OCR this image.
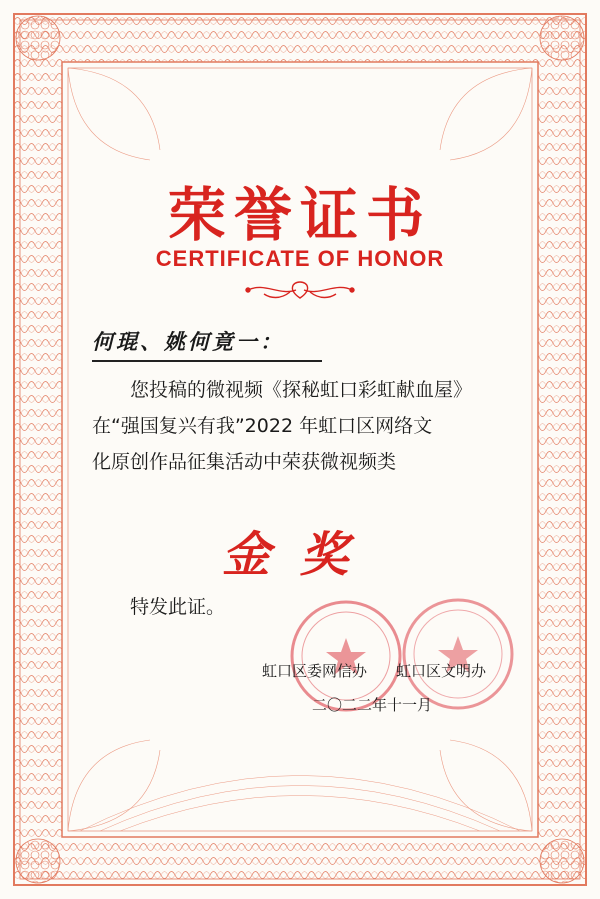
荣誉证书
CERTIFICATE OF HONOR
何琨、姚何竟一：

您投稿的微视频《探秘虹口彩虹献血屋》

在“强国复兴有我”2022 年虹口区网络文

化原创作品征集活动中荣获微视频类

金奖
特发此证。
虹口区委网信办 虹口区文明办
二〇二二年十一月
